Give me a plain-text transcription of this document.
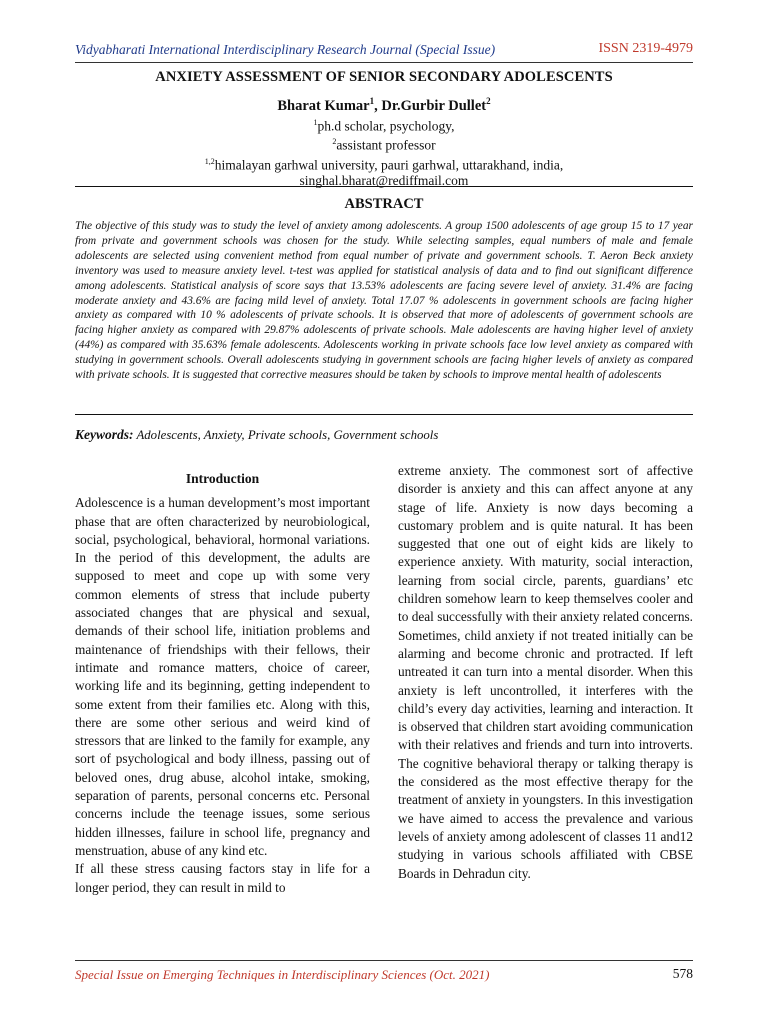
Vidyabharati International Interdisciplinary Research Journal (Special Issue)	ISSN 2319-4979
ANXIETY ASSESSMENT OF SENIOR SECONDARY ADOLESCENTS
Bharat Kumar$^1$, Dr.Gurbir Dullet$^2$
$^1$ph.d scholar, psychology,
$^2$assistant professor
$^{1,2}$himalayan garhwal university, pauri garhwal, uttarakhand, india,
singhal.bharat@rediffmail.com
ABSTRACT
The objective of this study was to study the level of anxiety among adolescents. A group 1500 adolescents of age group 15 to 17 year from private and government schools was chosen for the study. While selecting samples, equal numbers of male and female adolescents are selected using convenient method from equal number of private and government schools. T. Aeron Beck anxiety inventory was used to measure anxiety level. t-test was applied for statistical analysis of data and to find out significant difference among adolescents. Statistical analysis of score says that 13.53% adolescents are facing severe level of anxiety. 31.4% are facing moderate anxiety and 43.6% are facing mild level of anxiety. Total 17.07 % adolescents in government schools are facing higher anxiety as compared with 10 % adolescents of private schools. It is observed that more of adolescents of government schools are facing higher anxiety as compared with 29.87% adolescents of private schools. Male adolescents are having higher level of anxiety (44%) as compared with 35.63% female adolescents. Adolescents working in private schools face low level anxiety as compared with studying in government schools. Overall adolescents studying in government schools are facing higher levels of anxiety as compared with private schools. It is suggested that corrective measures should be taken by schools to improve mental health of adolescents
Keywords: Adolescents, Anxiety, Private schools, Government schools
Introduction

Adolescence is a human development’s most important phase that are often characterized by neurobiological, social, psychological, behavioral, hormonal variations. In the period of this development, the adults are supposed to meet and cope up with some very common elements of stress that include puberty associated changes that are physical and sexual, demands of their school life, initiation problems and maintenance of friendships with their fellows, their intimate and romance matters, choice of career, working life and its beginning, getting independent to some extent from their families etc. Along with this, there are some other serious and weird kind of stressors that are linked to the family for example, any sort of psychological and body illness, passing out of beloved ones, drug abuse, alcohol intake, smoking, separation of parents, personal concerns etc. Personal concerns include the teenage issues, some serious hidden illnesses, failure in school life, pregnancy and menstruation, abuse of any kind etc.

If all these stress causing factors stay in life for a longer period, they can result in mild to

extreme anxiety. The commonest sort of affective disorder is anxiety and this can affect anyone at any stage of life. Anxiety is now days becoming a customary problem and is quite natural. It has been suggested that one out of eight kids are likely to experience anxiety. With maturity, social interaction, learning from social circle, parents, guardians’ etc children somehow learn to keep themselves cooler and to deal successfully with their anxiety related concerns. Sometimes, child anxiety if not treated initially can be alarming and become chronic and protracted. If left untreated it can turn into a mental disorder. When this anxiety is left uncontrolled, it interferes with the child’s every day activities, learning and interaction. It is observed that children start avoiding communication with their relatives and friends and turn into introverts. The cognitive behavioral therapy or talking therapy is the considered as the most effective therapy for the treatment of anxiety in youngsters. In this investigation we have aimed to access the prevalence and various levels of anxiety among adolescent of classes 11 and12 studying in various schools affiliated with CBSE Boards in Dehradun city.

Special Issue on Emerging Techniques in Interdisciplinary Sciences (Oct. 2021)	578
